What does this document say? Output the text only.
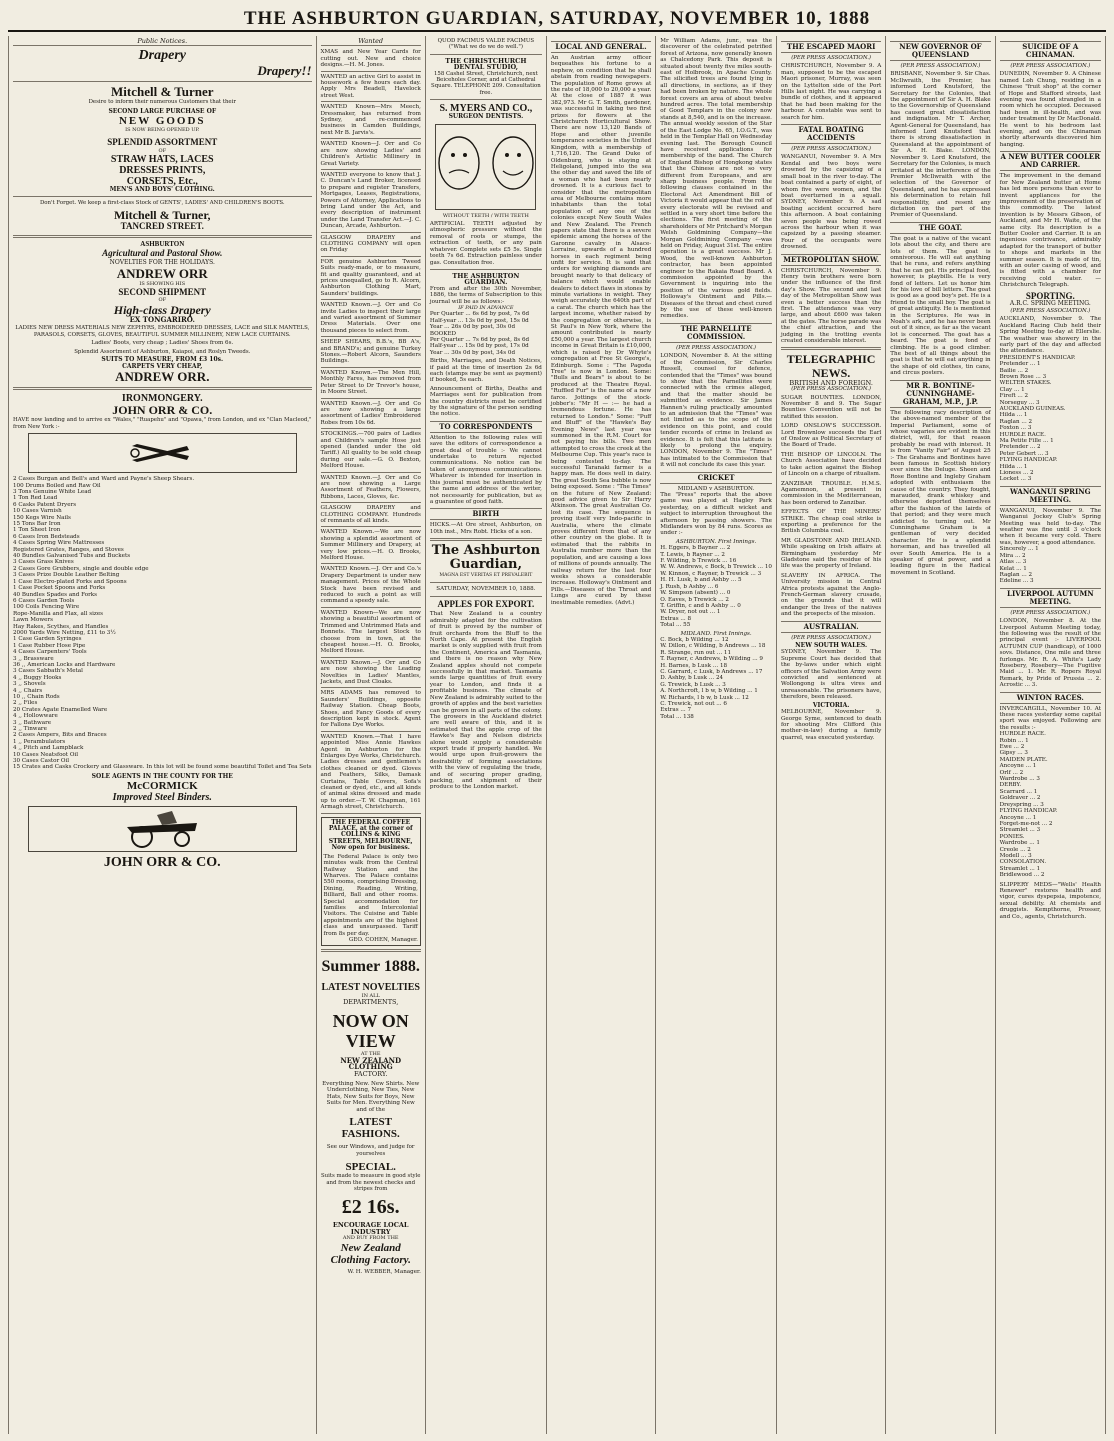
THE ASHBURTON GUARDIAN, SATURDAY, NOVEMBER 10, 1888
Public Notices.
Drapery
Drapery!!
Mitchell & Turner
Desire to inform their numerous Customers that their
SECOND LARGE PURCHASE OF
NEW GOODS
IS NOW BEING OPENED UP.
SPLENDID ASSORTMENT
OF
STRAW HATS, LACES
DRESSES PRINTS,
CORSETS, Etc.,
MEN'S AND BOYS' CLOTHING.
Don't Forget. We keep a first-class Stock of GENTS', LADIES' AND CHILDREN'S BOOTS.
Mitchell & Turner,
TANCRED STREET.
ASHBURTON
Agricultural and Pastoral Show.
NOVELTIES FOR THE HOLIDAYS.
ANDREW ORR
IS SHOWING HIS
SECOND SHIPMENT
OF
High-class Drapery
EX TONGARIRO.
LADIES NEW DRESS MATERIALS NEW ZEPHYRS, EMBROIDERED DRESSES, LACE and SILK MANTELS, PARASOLS, CORSETS, GLOVES, BEAUTIFUL SUMMER MILLINERY, NEW LACE CURTAINS.
Ladies' Boots, very cheap ; Ladies' Shoes from 6s.
Splendid Assortment of Ashburton, Kaiapoi, and Roslyn Tweeds.
SUITS TO MEASURE, FROM £3 10s.
CARPETS VERY CHEAP,
ANDREW ORR.
IRONMONGERY.
JOHN ORR & CO.
HAVE now landing and to arrive ex "Wales," "Ruapehu" and "Opawa," from London, and ex "Clan Macleod," from New York :-
2 Cases Burgan and Bell's and Ward and Payne's Sheep Shears.
100 Drums Boiled and Raw Oil
3 Tons Genuine White Lead
1 Ton Red Lead
6 Casks Patent Dryers
10 Cases Varnish
150 Kegs Wire Nails
15 Tons Bar Iron
1 Ton Sheet Iron
6 Cases Iron Bedsteads
4 Cases Spring Wire Mattresses
Registered Grates, Ranges, and Stoves
40 Bundles Galvanised Tubs and Buckets
3 Cases Grass Knives
2 Cases Gore Grubbers, single and double edge
3 Cases Prize Double Leather Belting
1 Case Electro-plated Forks and Spoons
1 Case Pocket Spoons and Forks
40 Bundles Spades and Forks
6 Cases Garden Tools
100 Coils Fencing Wire
Rope-Manilla and Flax, all sizes
Lawn Mowers
Hay Rakes, Scythes, and Handles
2000 Yards Wire Netting, £11 to 3½
1 Case Garden Syringes
1 Case Rubber Hose Pipe
4 Cases Carpenters' Tools
3 ,, Brassware
36 ,, American Locks and Hardware
3 Cases Sabbath's Metal
4 ,, Buggy Hooks
3 ,, Shovels
4 ,, Chairs
10 ,, Chain Rods
2 ,, Files
20 Crates Agate Enamelled Ware
4 ,, Hollowware
3 ,, Bathware
2 ,, Tinware
2 Cases Ampers, Bits and Braces
1 ,, Perambulators
4 ,, Pitch and Lampblack
10 Cases Neatsfoot Oil
30 Cases Castor Oil
15 Crates and Casks Crockery and Glassware. In this lot will be found some beautiful Toilet and Tea Sets
SOLE AGENTS IN THE COUNTY FOR THE
McCORMICK
Improved Steel Binders.
JOHN ORR & CO.
Wanted
XMAS and New Year Cards for cutting out. New and choice designs.—H. M. Jones.
WANTED an active Girl to assist in housework a few hours each day. Apply Mrs Beadell, Havelock street West.
WANTED Known—Mrs Meech, Dressmaker, has returned from Sydney, and re-commenced business in Camden Buildings, next Mr B. Jarvis's.
WANTED Known—J. Orr and Co are now showing Ladies' and Children's Artistic Millinery in Great Variety.
WANTED everyone to know that J. C. Duncan's Land Broker, licensed to prepare and register Transfers, Mortgages, Leases, Registrations, Powers of Attorney, Applications to bring Land under the Act, and every description of instrument under the Land Transfer Act.—J. C. Duncan, Arcade, Ashburton.
GLASGOW DRAPERY and CLOTHING COMPANY will open on Friday
FOR genuine Ashburton Tweed Suits ready-made, or to measure, fit and quality guaranteed, and at prices unequalled, go to R. Alcorn, Ashburton Clothing Mart, Saunders' buildings.
WANTED Known.—J. Orr and Co invite Ladies to inspect their large and varied assortment of Summer Dress Materials. Over one thousand pieces to select from.
SHEEP SHEARS, B.B.'s, BB A's, and BRAND's; and genuine Turkey Stones.—Robert Alcorn, Saunders Buildings.
WANTED Known.—The Men Hill, Monthly Fares, has removed from Peter Street to Dr Trevor's house, in Moore Street.
WANTED Known.—J. Orr and Co are now showing a large assortment of Ladies' Embroidered Robes from 10s 6d.
STOCKINGS.—700 pairs of Ladies and Children's sample Hose just opened (landed under the old Tariff.) All quality to be sold cheap during our sale.—G. O. Bexton, Melford House.
WANTED Known.—J. Orr and Co are now showing a Large Assortment of Feathers, Flowers, Ribbons, Laces, Gloves, &c.
GLASGOW DRAPERY and CLOTHING COMPANY. Hundreds of remnants of all kinds.
WANTED Known.—We are now showing a splendid assortment of Summer Millinery and Drapery, at very low prices.—H. O. Brooks, Melford House.
WANTED Known.—J. Orr and Co.'s Drapery Department is under new management. Prices of the Whole Stock have been revised and reduced to such a point as will command a speedy sale.
WANTED Known—We are now showing a beautiful assortment of Trimmed and Untrimmed Hats and Bonnets. The largest Stock to choose from in town, at the cheapest house.—H. O. Brooks, Melford House.
WANTED Known.—J. Orr and Co are now showing the Leading Novelties in Ladies' Mantles, Jackets, and Dust Cloaks.
MRS ADAMS has removed to Saunders' Buildings, opposite Railway Station. Cheap Boots, Shoes, and Fancy Goods of every description kept in stock. Agent for Fallons Dye Works.
WANTED Known.—That I have appointed Miss Annie Hawkes Agent in Ashburton for the Enlarges Dye Works, Christchurch. Ladies dresses and gentlemen's clothes cleaned or dyed. Gloves and Feathers, Silks, Damask Curtains, Table Covers, Sofa's cleaned or dyed, etc., and all kinds of animal skins dressed and made up to order.—T. W. Chapman, 161 Armagh street, Christchurch.
THE FEDERAL COFFEE PALACE, at the corner of COLLINS & KING STREETS, MELBOURNE, Now open for business.
The Federal Palace is only two minutes walk from the Central Railway Station and the Wharves. The Palace contains 550 rooms, comprising Dressing, Dining, Reading, Writing, Billiard, Ball and other rooms. Special accommodation for families and Intercolonial Visitors. The Cuisine and Table appointments are of the highest class and unsurpassed. Tariff from 8s per day.
GEO. COHEN, Manager.
Summer 1888.
LATEST NOVELTIES
IN ALL
DEPARTMENTS,
NOW ON VIEW
AT THE
NEW ZEALAND CLOTHING
FACTORY.
Everything New. New Shirts. New Underclothing, New Ties, New Hats, New Suits for Boys, New Suits for Men. Everything New and of the
LATEST FASHIONS.
See our Windows, and judge for yourselves
SPECIAL.
Suits made to measure in good style and from the newest checks and stripes from
£2 16s.
ENCOURAGE LOCAL INDUSTRY
AND BUY FROM THE
New Zealand Clothing Factory.
W. H. WEBBER, Manager.
QUOD FACIMUS VALDE FACIMUS ("What we do we do well.")
THE CHRISTCHURCH DENTAL STUDIO,
158 Cashel Street, Christchurch, next Beiceholes Corner, and at Cathedral Square. TELEPHONE 209. Consultation free.
S. MYERS AND CO.,
SURGEON DENTISTS.
WITHOUT TEETH / WITH TEETH
ARTIFICIAL TEETH adjusted by atmospheric pressure without the removal of roots or stumps, the extraction of teeth, or any pain whatever. Complete sets £5 5s. Single teeth 7s 6d. Extraction painless under gas. Consultation free.
THE ASHBURTON GUARDIAN.
From and after the 30th November, 1886, the terms of Subscription to this journal will be as follows:-
IF PAID IN ADVANCE
Per Quarter ... 6s 6d by post, 7s 6d
Half-year ... 13s 0d by post, 15s 0d
Year ... 26s 0d by post, 30s 0d
BOOKED
Per Quarter ... 7s 6d by post, 8s 6d
Half-year ... 15s 0d by post, 17s 0d
Year ... 30s 0d by post, 34s 0d
Births, Marriages, and Death Notices, if paid at the time of insertion 2s 6d each (stamps may be sent as payment) if booked, 5s each.
Announcement of Births, Deaths and Marriages sent for publication from the country districts must be certified by the signature of the person sending the notice.
TO CORRESPONDENTS
Attention to the following rules will save the editors of correspondence a great deal of trouble :- We cannot undertake to return rejected communications. No notice can be taken of anonymous communications. Whatever is intended for insertion in this journal must be authenticated by the name and address of the writer, not necessarily for publication, but as a guarantee of good faith.
BIRTH
HICKS.—At Ore street, Ashburton, on 10th inst., Mrs Robt. Hicks of a son.
The Ashburton Guardian,
MAGNA EST VERITAS ET PREVALEBIT
SATURDAY, NOVEMBER 10, 1888.
APPLES FOR EXPORT.
That New Zealand is a country admirably adapted for the cultivation of fruit is proved by the number of fruit orchards from the Bluff to the North Cape. At present the English market is only supplied with fruit from the Continent, America and Tasmania, and there is no reason why New Zealand apples should not compete successfully in that market. Tasmania sends large quantities of fruit every year to London, and finds it a profitable business. The climate of New Zealand is admirably suited to the growth of apples and the best varieties can be grown in all parts of the colony. The growers in the Auckland district are well aware of this, and it is estimated that the apple crop of the Hawke's Bay and Nelson districts alone would supply a considerable export trade if properly handled. We would urge upon fruit-growers the desirability of forming associations with the view of regulating the trade, and of securing proper grading, packing, and shipment of their produce to the London market.
LOCAL AND GENERAL.
An Austrian army officer bequeathes his fortune to a nephew, on condition that he shall abstain from reading newspapers. The population of Rome grows at the rate of 18,000 to 20,000 a year. At the close of 1887 it was 382,973. Mr G. T. Smith, gardener, was successful in taking two first prizes for flowers at the Christchurch Horticultural Show. There are now 13,120 Bands of Hope and other juvenile temperance societies in the United Kingdom, with a membership of 1,716,120. The Grand Duke of Oldenburg, who is staying at Heligoland, jumped into the sea the other day and saved the life of a woman who had been nearly drowned. It is a curious fact to consider that the metropolitan area of Melbourne contains more inhabitants than the total population of any one of the colonies except New South Wales and New Zealand. The French papers state that there is a severe epidemic among the horses of the Garonne cavalry in Alsace-Lorraine, upwards of a hundred horses in each regiment being unfit for service. It is said that orders for weighing diamonds are brought nearly to that delicacy of balance which would enable dealers to detect flaws in stones by minute variations in weight. They weigh accurately the 640th part of a carat. The church which has the largest income, whether raised by the congregation or otherwise, is St Paul's in New York, where the amount contributed is nearly £50,000 a year. The largest church income in Great Britain is £10,000, which is raised by Dr Whyte's congregation at Free St George's, Edinburgh. Some : "The Pagoda Tree" is now in London. Some: "Bulls and Bears" is about to be produced at the Theatre Royal. "Ruffled Fur" is the name of a new farce. Jottings of the stock-jobber's: "Mr H — :— he had a tremendous fortune. He has returned to London." Some: "Puff and Bluff" of the "Hawke's Bay Evening News" last year was summoned in the R.M. Court for not paying his bills. Two men attempted to cross the creek at the Melbourne Cup. This year's race is being contested to-day. The successful Taranaki farmer is a happy man. He does well in dairy. The great South Sea bubble is now being exposed. Some : "The Times" on the future of New Zealand: good advice given to Sir Harry Atkinson. The great Australian Co. lost its case. The sequence is proving itself very Indo-pacific in Australia, where the climate proves different from that of any other country on the globe. It is estimated that the rabbits in Australia number more than the population, and are causing a loss of millions of pounds annually. The railway return for the last four weeks shows a considerable increase. Holloway's Ointment and Pills.—Diseases of the Throat and Lungs are cured by these inestimable remedies. (Advt.)
Mr William Adams, junr., was the discoverer of the celebrated petrified forest of Arizona, now generally known as Chalcedony Park. This deposit is situated about twenty five miles south-east of Holbrook, in Apache County. The silicified trees are found lying in all directions, in sections, as if they had been broken by nature. The whole forest covers an area of about twelve hundred acres. The total membership of Good Templars in the colony now stands at 8,540, and is on the increase. The annual weekly session of the Star of the East Lodge No. 65, I.O.G.T., was held in the Templar Hall on Wednesday evening last. The Borough Council have received applications for membership of the band. The Church of England Bishop of Hongkong states that the Chinese are not so very different from Europeans, and are sharp business people. From the following clauses contained in the Electoral Act Amendment Bill of Victoria it would appear that the roll of every electorate will be revised and settled in a very short time before the elections. The first meeting of the shareholders of Mr Pritchard's Morgan Welsh Goldmining Company—the Morgan Goldmining Company —was held on Friday, August 31st. The entire operation is a great success. Mr J. Wood, the well-known Ashburton contractor, has been appointed engineer to the Rakaia Road Board. A commission appointed by the Government is inquiring into the position of the various gold fields. Holloway's Ointment and Pills.—Diseases of the throat and chest cured by the use of these well-known remedies.
THE PARNELLITE COMMISSION.
(PER PRESS ASSOCIATION.)
LONDON, November 8. At the sitting of the Commission, Sir Charles Russell, counsel for defence, contended that the "Times" was bound to show that the Parnellites were connected with the crimes alleged, and that the matter should be submitted as evidence. Sir James Hannen's ruling practically amounted to an admission that the "Times" was not limited as to the scope of the evidence on this point, and could tender records of crime in Ireland as evidence. It is felt that this latitude is likely to prolong the enquiry. LONDON, November 9. The "Times" has intimated to the Commission that it will not conclude its case this year.
CRICKET
MIDLAND v ASHBURTON.
The "Press" reports that the above game was played at Hagley Park yesterday, on a difficult wicket and subject to interruption throughout the afternoon by passing showers. The Midlanders won by 84 runs. Scores as under :-
ASHBURTON. First Innings.
H. Eggers, b Bayner ... 2
T. Lewis, b Rayner ... 2
F. Wilding, b Trewick ... 16
W. W. Andrews, c Bock, b Trewick ... 10
W. Kinnon, c Rayner, b Trewick ... 3
H. H. Lusk, b and Ashby ... 5
J. Rush, b Ashby ... 6
W. Simpson (absent) ... 0
O. Eaves, b Trewick ... 2
T. Griffin, c and b Ashby ... 0
W. Dryer, not out ... 1
Extras ... 8
Total ... 55
MIDLAND. First Innings.
C. Bock, b Wilding ... 12
W. Dillon, c Wilding, b Andrews ... 18
R. Strange, run out ... 11
T. Rayner, c Andrews, b Wilding ... 9
H. Barnes, b Lusk ... 18
C. Garrard, c Lusk, b Andrews ... 17
D. Ashby, b Lusk ... 24
G. Trewick, b Lusk ... 3
A. Northcroft, l b w, b Wilding ... 1
W. Richards, l b w, b Lusk ... 12
C. Trewick, not out ... 6
Extras ... 7
Total ... 138
THE ESCAPED MAORI
(PER PRESS ASSOCIATION.)
CHRISTCHURCH, November 9. A man, supposed to be the escaped Maori prisoner, Murray, was seen on the Lyttelton side of the Port Hills last night. He was carrying a bundle of clothes, and it appeared that he had been making for the harbour. A constable was sent to search for him.
FATAL BOATING ACCIDENTS
(PER PRESS ASSOCIATION.)
WANGANUI, November 9. A Mrs Kendal and two boys were drowned by the capsizing of a small boat in the river to-day. The boat contained a party of eight, of whom five were women, and the boat overturned in a squall. SYDNEY, November 9. A sad boating accident occurred here this afternoon. A boat containing seven people was being rowed across the harbour when it was capsized by a passing steamer. Four of the occupants were drowned.
METROPOLITAN SHOW.
CHRISTCHURCH, November 9. Henry twin brothers were born under the influence of the first day's Show. The second and last day of the Metropolitan Show was even a better success than the first. The attendance was very large, and about £600 was taken at the gates. The horse parade was the chief attraction, and the judging in the trotting events created considerable interest.
TELEGRAPHIC NEWS.
BRITISH AND FOREIGN.
(PER PRESS ASSOCIATION.)
SUGAR BOUNTIES. LONDON, November 8 and 9. The Sugar Bounties Convention will not be ratified this session.
LORD ONSLOW'S SUCCESSOR. Lord Brownlow succeeds the Earl of Onslow as Political Secretary of the Board of Trade.
THE BISHOP OF LINCOLN. The Church Association have decided to take action against the Bishop of Lincoln on a charge of ritualism.
ZANZIBAR TROUBLE. H.M.S. Agamemnon, at present in commission in the Mediterranean, has been ordered to Zanzibar.
EFFECTS OF THE MINERS' STRIKE. The cheap coal strike is exporting a preference for the British Columbia coal.
MR GLADSTONE AND IRELAND. While speaking on Irish affairs at Birmingham yesterday Mr Gladstone said the residue of his life was the property of Ireland.
SLAVERY IN AFRICA. The University mission in Central Africa protests against the Anglo-French-German slavery crusade, on the grounds that it will endanger the lives of the natives and the prospects of the mission.
AUSTRALIAN.
(PER PRESS ASSOCIATION.)
NEW SOUTH WALES.
SYDNEY, November 9. The Supreme Court has decided that the by-laws under which eight officers of the Salvation Army were convicted and sentenced at Wollongong is ultra vires and unreasonable. The prisoners have, therefore, been released.
VICTORIA.
MELBOURNE, November 9. George Syme, sentenced to death for shooting Mrs Clifford (his mother-in-law) during a family quarrel, was executed yesterday.
NEW GOVERNOR OF QUEENSLAND
(PER PRESS ASSOCIATION.)
BRISBANE, November 9. Sir Chas. McIlwraith, the Premier, has informed Lord Knutsford, the Secretary for the Colonies, that the appointment of Sir A. H. Blake to the Governorship of Queensland has caused great dissatisfaction and indignation. Mr T. Archer, Agent-General for Queensland, has informed Lord Knutsford that there is strong dissatisfaction in Queensland at the appointment of Sir A. H. Blake. LONDON, November 9. Lord Knutsford, the Secretary for the Colonies, is much irritated at the interference of the Premier McIlwraith with the selection of the Governor of Queensland, and he has expressed his determination to retain full responsibility, and resent any dictation on the part of the Premier of Queensland.
THE GOAT.
The goat is a native of the vacant lots about the city, and there are lots of them. The goat is omnivorous. He will eat anything that he runs, and refers anything that he can get. His principal food, however, is playbills. He is very fond of letters. Let us honor him for his love of bill letters. The goat is good as a good boy's pet. He is a friend to the small boy. The goat is of great antiquity. He is mentioned in the Scriptures. He was in Noah's ark, and he has never been out of it since, as far as the vacant lot is concerned. The goat has a beard. The goat is fond of climbing. He is a good climber. The best of all things about the goat is that he will eat anything in the shape of old clothes, tin cans, and circus posters.
MR R. BONTINE-CUNNINGHAME-GRAHAM, M.P., J.P.
The following racy description of the above-named member of the Imperial Parliament, some of whose vagaries are evident in this district, will, for that reason probably be read with interest. It is from "Vanity Fair" of August 25 :- The Grahams and Bontines have been famous in Scottish history ever since the Deluge. Sheen and Rose Bontine and Ingleby Graham adopted with enthusiasm the cause of the country. They fought, marauded, drank whiskey and otherwise deported themselves after the fashion of the lairds of that period; and they were much addicted to turning out. Mr Cunninghame Graham is a gentleman of very decided character. He is a splendid horseman, and has travelled all over South America. He is a speaker of great power, and a leading figure in the Radical movement in Scotland.
SUICIDE OF A CHINAMAN.
(PER PRESS ASSOCIATION.)
DUNEDIN, November 9. A Chinese named Loh Chung, residing in a Chinese "fruit shop" at the corner of Hope and Stafford streets, last evening was found strangled in a room which he occupied. Deceased had been in ill-health, and was under treatment by Dr MacDonald. He went to his bedroom last evening, and on the Chinaman shortly afterwards discovered him hanging.
A NEW BUTTER COOLER AND CARRIER.
The improvement in the demand for New Zealand butter at Home has led more persons than ever to invent appliances for the improvement of the preservation of this commodity. The latest invention is by Messrs Gibson, of Auckland, and Mr H. Waite, of the same city. Its description is a Butter Cooler and Carrier. It is an ingenious contrivance, admirably adapted for the transport of butter to shops and markets in the summer season. It is made of tin, with an outer casing of wood, and is fitted with a chamber for receiving cold water. — Christchurch Telegraph.
SPORTING.
A.R.C. SPRING MEETING.
(PER PRESS ASSOCIATION.)
AUCKLAND, November 9. The Auckland Racing Club held their Spring Meeting to-day at Ellerslie. The weather was showery in the early part of the day and affected the attendance.
PRESIDENT'S HANDICAP.
Pretender ... 1
Bailie ... 2
Brown Rose ... 3
WELTER STAKES.
Clay ... 1
Fireft ... 2
Norseguy ... 3
AUCKLAND GUINEAS.
Hilda ... 1
Raglan ... 2
Foxton ... 3
HURDLE RACE.
Ma Petite Fille ... 1
Pretender ... 2
Peter Gebert ... 3
FLYING HANDICAP.
Hilda ... 1
Lioness ... 2
Locket ... 3
WANGANUI SPRING MEETING.
WANGANUI, November 9. The Wanganui Jockey Club's Spring Meeting was held to-day. The weather was fine until 3 o'clock when it became very cold. There was, however, a good attendance.
Sincerely ... 1
Mira ... 2
Atlas ... 3
Kelat ... 1
Raglan ... 2
Edeline ... 3
LIVERPOOL AUTUMN MEETING.
(PER PRESS ASSOCIATION.)
LONDON, November 8. At the Liverpool Autumn Meeting today, the following was the result of the principal event :- LIVERPOOL AUTUMN CUP (handicap), of 1000 sovs. Distance, One mile and three furlongs. Mr. R. A. White's Lady Rosebery, Rosebery—The Fugitive Maid ... 1. Mr. R. Ropers Royal Remark, by Pride of Prussia ... 2. Acrostic ... 3.
WINTON RACES.
INVERCARGILL, November 10. At these races yesterday some capital sport was enjoyed. Following are the results :-
HURDLE RACE.
Robin ... 1
Ewe ... 2
Gipsy ... 3
MAIDEN PLATE.
Ancoyne ... 1
Orlf ... 2
Wardrobe ... 3
DERBY.
Scarrard ... 1
Goldraver ... 2
Dreyspring ... 3
FLYING HANDICAP.
Ancoyne ... 1
Forget-me-not ... 2
Streamlet ... 3
PONIES.
Wardrobe ... 1
Creole ... 2
Modell ... 3
CONSOLATION.
Streamlet ... 1
Bridlewood ... 2
SLIPPERY MEDS—"Wells' Health Renewer" restores health and vigor, cures dyspepsia, impotence, sexual debility. At chemists and druggists. Kempthorne, Prosser, and Co., agents, Christchurch.
